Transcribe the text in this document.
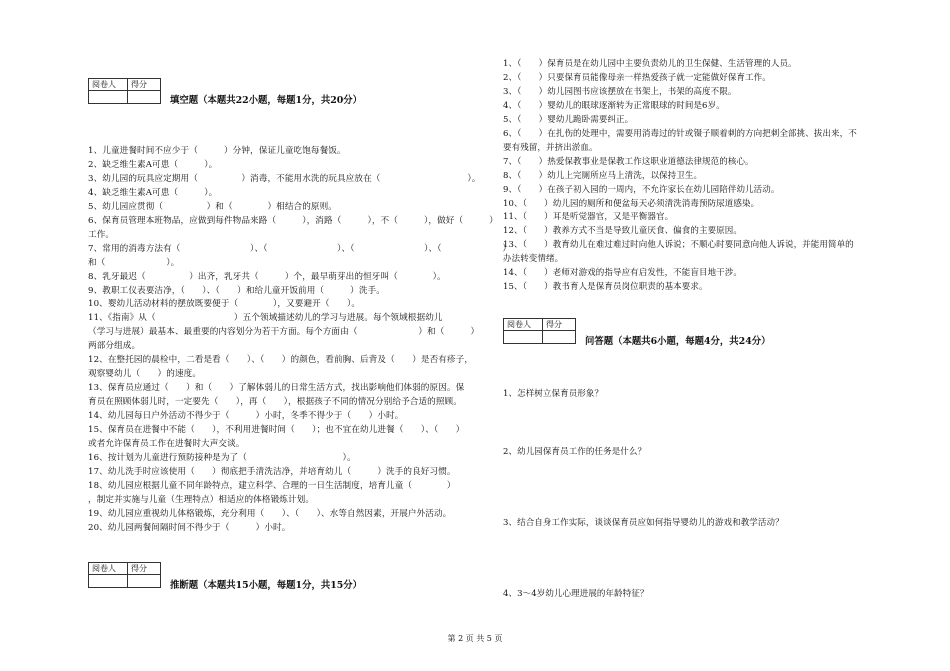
阅卷人	得分

填空题（本题共22小题，每题1分，共20分）
1、儿童进餐时间不应少于（　　　）分钟，保证儿童吃饱每餐饭。
2、缺乏维生素A可患（　　　）。
3、幼儿园的玩具应定期用（　　　　　）消毒，不能用水洗的玩具应放在（　　　　　　　　　　）。
4、缺乏维生素A可患（　　　）。
5、幼儿园应贯彻（　　　　　）和（　　　　）相结合的原则。
6、保育员管理本班物品，应做到每件物品来路（　　　），消路（　　　），不（　　　），做好（　　　）
工作。
7、常用的消毒方法有（　　　　　　　　）、（　　　　　　　　）、（　　　　　　　　）、（　　　　　　　）
和（　　　　　　　）。
8、乳牙最迟（　　　　　）出齐，乳牙共（　　　）个，最早萌芽出的恒牙叫（　　　　）。
9、教职工仪表要洁净，（　　）、（　　）和给儿童开饭前用（　　　）洗手。
10、婴幼儿活动材料的摆放既要便于（　　　　），又要避开（　　）。
11、《指南》从（　　　　　　　　　）五个领域描述幼儿的学习与进展。每个领域根据幼儿
（学习与进展）最基本、最重要的内容划分为若干方面。每个方面由（　　　　　　　）和（　　　）
两部分组成。
12、在整托园的晨检中，二看是看（　　）、（　　）的颜色，看前胸、后背及（　　）是否有疹子，
观察婴幼儿（　　）的速度。
13、保育员应通过（　　）和（　　）了解体弱儿的日常生活方式，找出影响他们体弱的原因。保
育员在照顾体弱儿时，一定要先（　　），再（　　），根据孩子不同的情况分别给予合适的照顾。
14、幼儿园每日户外活动不得少于（　　　）小时，冬季不得少于（　　）小时。
15、保育员在进餐中不能（　　），不利用进餐时间（　　）；也不宜在幼儿进餐（　　）、（　　）
或者允许保育员工作在进餐时大声交谈。
16、按计划为儿童进行预防接种是为了（　　　　　　　　　　　）。
17、幼儿洗手时应该使用（　　）彻底把手清洗洁净，并培育幼儿（　　　）洗手的良好习惯。
18、幼儿园应根据儿童不同年龄特点，建立科学、合理的一日生活制度，培育儿童（　　　　）
，制定并实施与儿童（生理特点）相适应的体格锻炼计划。
19、幼儿园应重视幼儿体格锻炼，充分利用（　　）、（　　）、水等自然因素，开展户外活动。
20、幼儿园两餐间隔时间不得少于（　　　）小时。
阅卷人	得分

推断题（本题共15小题，每题1分，共15分）
1、（　　）保育员是在幼儿园中主要负责幼儿的卫生保健、生活管理的人员。
2、（　　）只要保育员能像母亲一样热爱孩子就一定能做好保育工作。
3、（　　）幼儿园图书应该摆放在书架上，书架的高度不限。
4、（　　）婴幼儿的眼球逐渐转为正常眼球的时间是6岁。
5、（　　）婴幼儿跪卧需要纠正。
6、（　　）在扎伤的处理中，需要用消毒过的针或镊子顺着刺的方向把刺全部挑、拔出来，不
要有残留，并挤出淤血。
7、（　　）热爱保教事业是保教工作这职业道德法律规范的核心。
8、（　　）幼儿上完厕所应马上清洗，以保持卫生。
9、（　　）在孩子初入园的一周内，不允许家长在幼儿园陪伴幼儿活动。
10、（　　）幼儿园的厕所和便盆每天必须清洗消毒预防尿道感染。
11、（　　）耳是听觉器官，又是平衡器官。
12、（　　）教养方式不当是导致儿童厌食、偏食的主要原因。
13、（　　）教育幼儿在难过难过时向他人诉说；不顺心时要同意向他人诉说，并能用简单的
办法转变情绪。
14、（　　）老师对游戏的指导应有启发性，不能盲目地干涉。
15、（　　）教书育人是保育员岗位职责的基本要求。
阅卷人	得分

问答题（本题共6小题，每题4分，共24分）
1、怎样树立保育员形象？
2、幼儿园保育员工作的任务是什么？
3、结合自身工作实际，谈谈保育员应如何指导婴幼儿的游戏和教学活动？
4、3～4岁幼儿心理进展的年龄特征？
第 2 页 共 5 页
